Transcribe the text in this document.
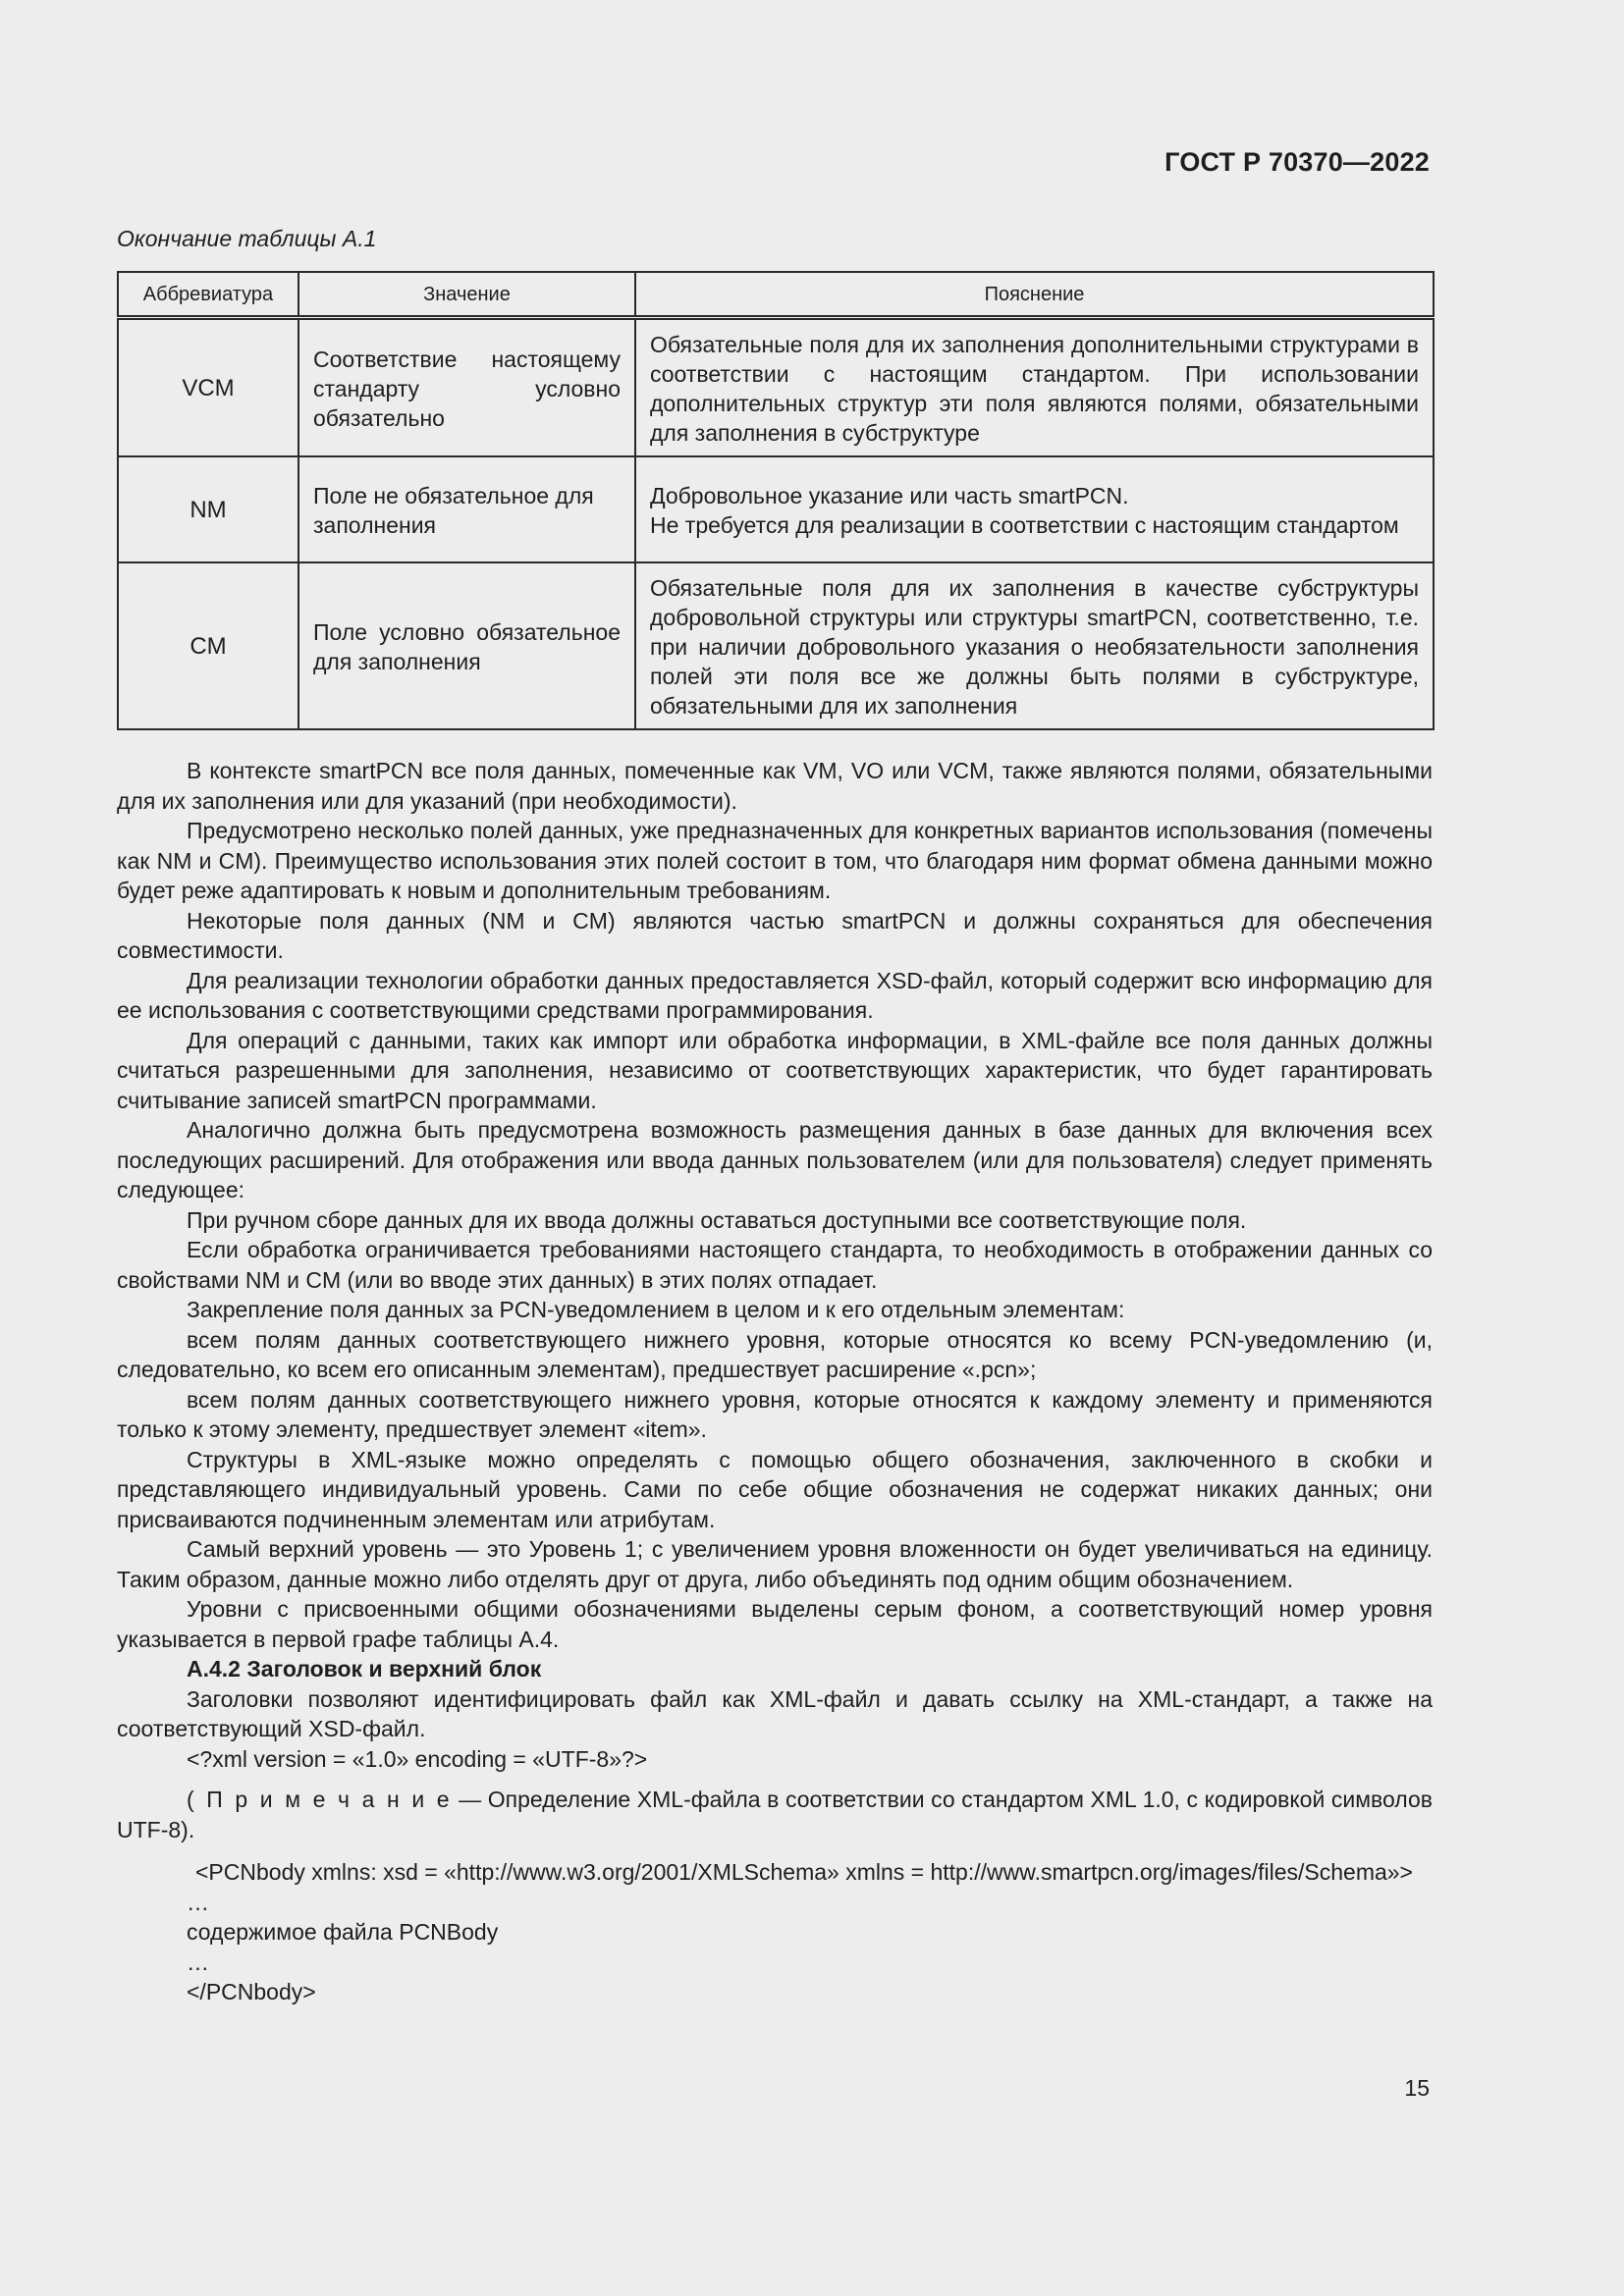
ГОСТ Р 70370—2022
Окончание таблицы А.1
Аббревиатура	Значение	Пояснение
VCM	Соответствие настоящему стандарту условно обязательно	Обязательные поля для их заполнения дополнительными структурами в соответствии с настоящим стандартом. При использовании дополнительных структур эти поля являются полями, обязательными для заполнения в субструктуре
NM	Поле не обязательное для заполнения	Добровольное указание или часть smartPCN.
Не требуется для реализации в соответствии с настоящим стандартом

CM	Поле условно обязательное для заполнения	Обязательные поля для их заполнения в качестве субструктуры добровольной структуры или структуры smartPCN, соответственно, т.е. при наличии добровольного указания о необязательности заполнения полей эти поля все же должны быть полями в субструктуре, обязательными для их заполнения

В контексте smartPCN все поля данных, помеченные как VM, VO или VCM, также являются полями, обязательными для их заполнения или для указаний (при необходимости).

Предусмотрено несколько полей данных, уже предназначенных для конкретных вариантов использования (помечены как NM и CM). Преимущество использования этих полей состоит в том, что благодаря ним формат обмена данными можно будет реже адаптировать к новым и дополнительным требованиям.

Некоторые поля данных (NM и CM) являются частью smartPCN и должны сохраняться для обеспечения совместимости.

Для реализации технологии обработки данных предоставляется XSD-файл, который содержит всю информацию для ее использования с соответствующими средствами программирования.

Для операций с данными, таких как импорт или обработка информации, в XML-файле все поля данных должны считаться разрешенными для заполнения, независимо от соответствующих характеристик, что будет гарантировать считывание записей smartPCN программами.

Аналогично должна быть предусмотрена возможность размещения данных в базе данных для включения всех последующих расширений. Для отображения или ввода данных пользователем (или для пользователя) следует применять следующее:

При ручном сборе данных для их ввода должны оставаться доступными все соответствующие поля.

Если обработка ограничивается требованиями настоящего стандарта, то необходимость в отображении данных со свойствами NM и CM (или во вводе этих данных) в этих полях отпадает.

Закрепление поля данных за PCN-уведомлением в целом и к его отдельным элементам:

всем полям данных соответствующего нижнего уровня, которые относятся ко всему PCN-уведомлению (и, следовательно, ко всем его описанным элементам), предшествует расширение «.pcn»;

всем полям данных соответствующего нижнего уровня, которые относятся к каждому элементу и применяются только к этому элементу, предшествует элемент «item».

Структуры в XML-языке можно определять с помощью общего обозначения, заключенного в скобки и представляющего индивидуальный уровень. Сами по себе общие обозначения не содержат никаких данных; они присваиваются подчиненным элементам или атрибутам.

Самый верхний уровень — это Уровень 1; с увеличением уровня вложенности он будет увеличиваться на единицу. Таким образом, данные можно либо отделять друг от друга, либо объединять под одним общим обозначением.

Уровни с присвоенными общими обозначениями выделены серым фоном, а соответствующий номер уровня указывается в первой графе таблицы А.4.

А.4.2 Заголовок и верхний блок

Заголовки позволяют идентифицировать файл как XML-файл и давать ссылку на XML-стандарт, а также на соответствующий XSD-файл.

<?xml version = «1.0» encoding = «UTF-8»?>

( П р и м е ч а н и е — Определение XML-файла в соответствии со стандартом XML 1.0, с кодировкой символов UTF-8).

<PCNbody xmlns: xsd = «http://www.w3.org/2001/XMLSchema» xmlns = http://www.smartpcn.org/images/files/Schema»>

…

содержимое файла PCNBody

…

</PCNbody>

15
